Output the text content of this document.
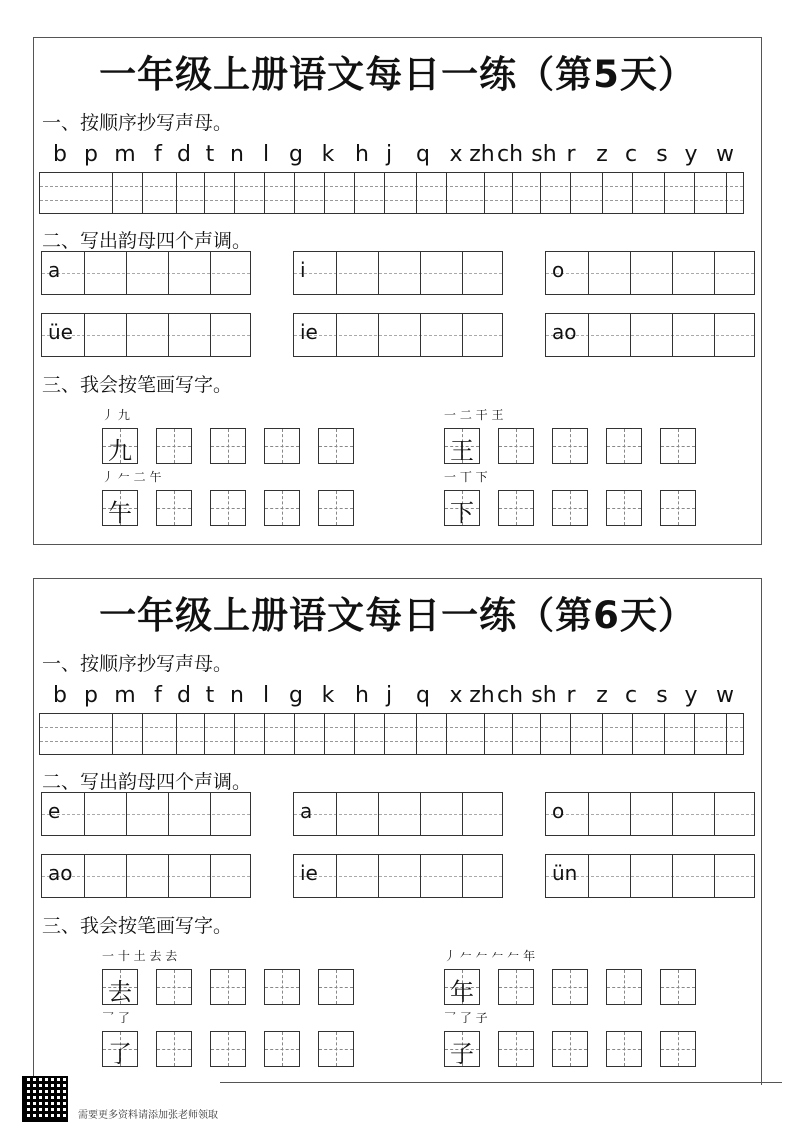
一年级上册语文每日一练（第5天）
一、按顺序抄写声母。
b p m f d t n l g k h j q x zh ch sh r z c s y w
二、写出韵母四个声调。
a	i	o
üe	ie	ao
三、我会按笔画写字。
丿 九
九
一 二 干 王
王
丿 𠂉 二 午
午
一 丅 下
下
一年级上册语文每日一练（第6天）
一、按顺序抄写声母。
b p m f d t n l g k h j q x zh ch sh r z c s y w
二、写出韵母四个声调。
e	a	o
ao	ie	ün
三、我会按笔画写字。
一 十 土 去 去
去
丿 𠂉 𠂉 𠂉 𠂉 年
年
乛 了
了
乛 了 子
子
需要更多资料请添加张老师领取
